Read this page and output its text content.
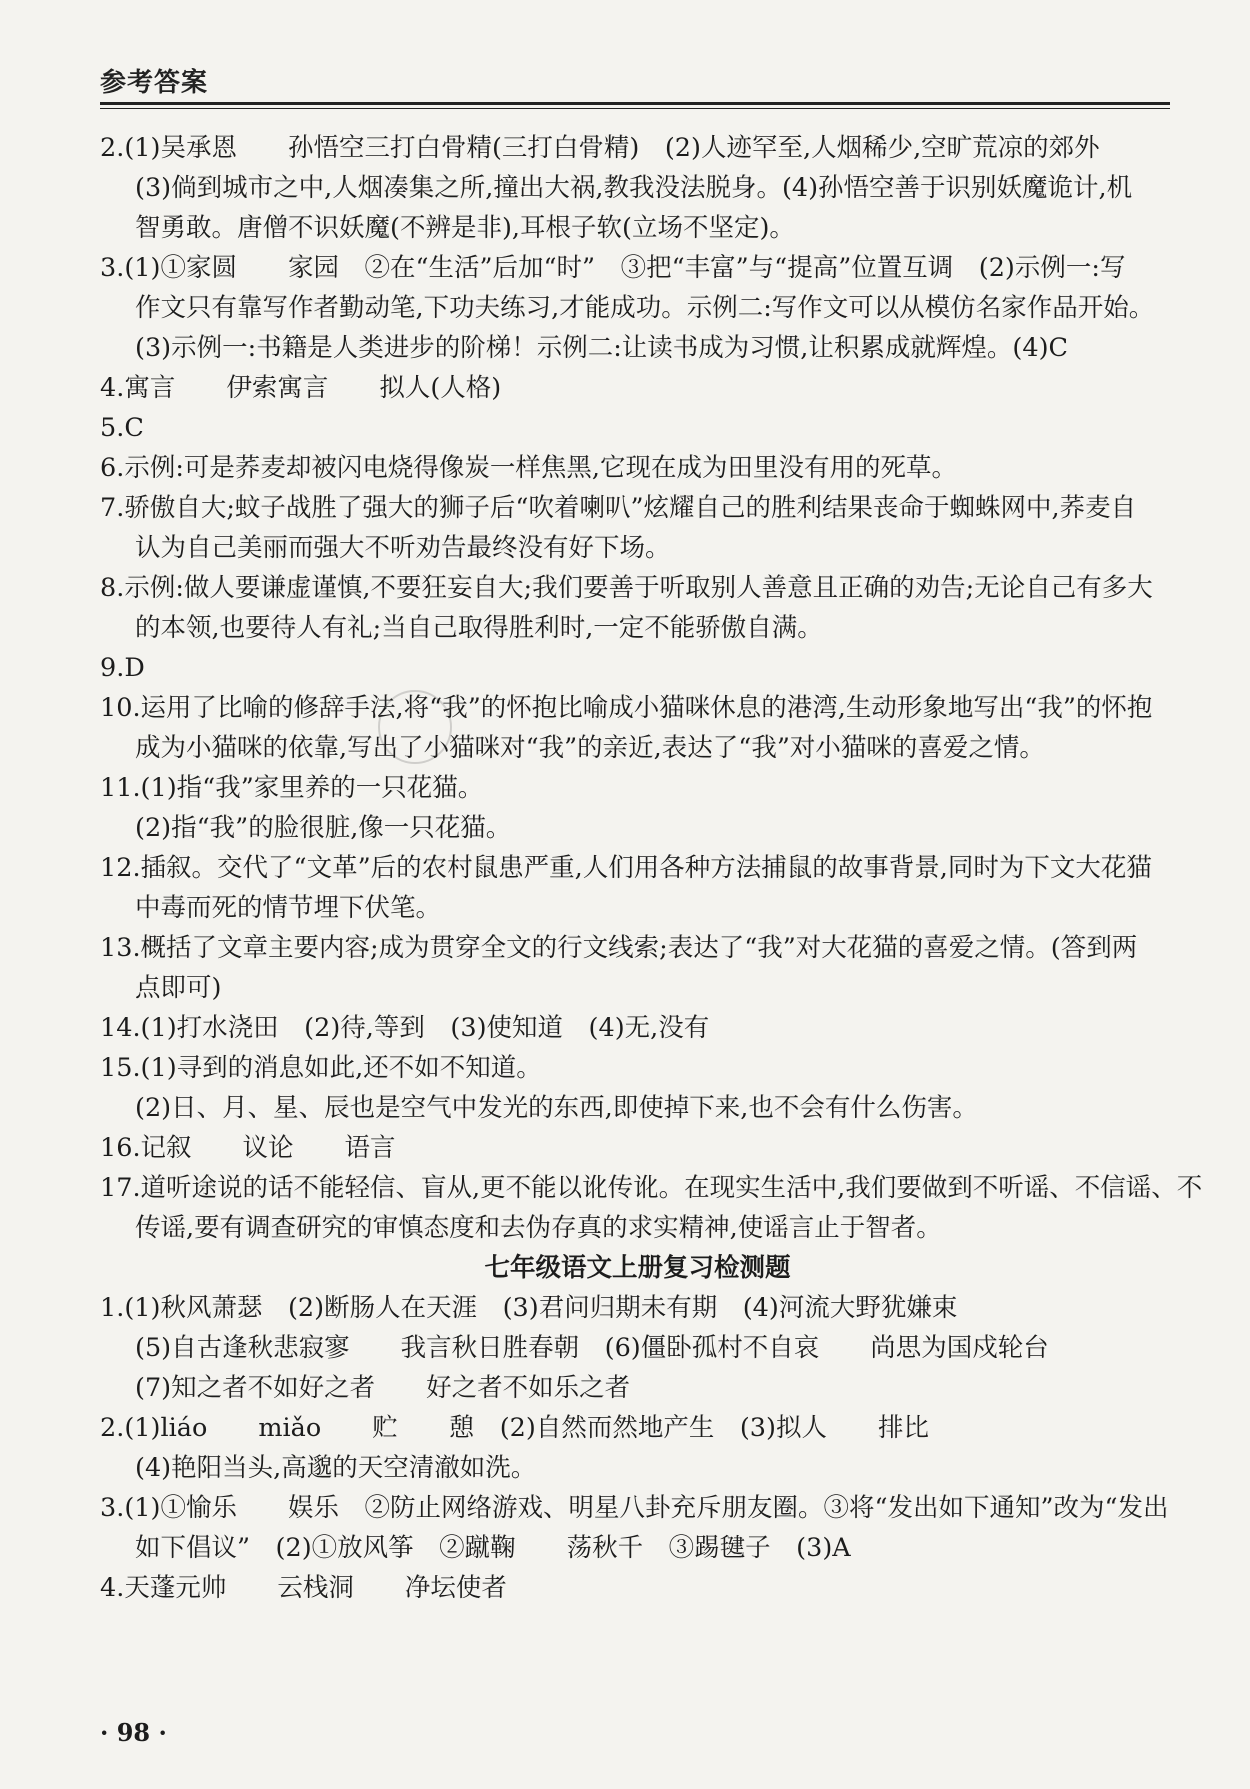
参考答案
2.(1)吴承恩　　孙悟空三打白骨精(三打白骨精)　(2)人迹罕至,人烟稀少,空旷荒凉的郊外
(3)倘到城市之中,人烟凑集之所,撞出大祸,教我没法脱身。(4)孙悟空善于识别妖魔诡计,机
智勇敢。唐僧不识妖魔(不辨是非),耳根子软(立场不坚定)。
3.(1)①家圆　　家园　②在“生活”后加“时”　③把“丰富”与“提高”位置互调　(2)示例一:写
作文只有靠写作者勤动笔,下功夫练习,才能成功。示例二:写作文可以从模仿名家作品开始。
(3)示例一:书籍是人类进步的阶梯！示例二:让读书成为习惯,让积累成就辉煌。(4)C
4.寓言　　伊索寓言　　拟人(人格)
5.C
6.示例:可是荞麦却被闪电烧得像炭一样焦黑,它现在成为田里没有用的死草。
7.骄傲自大;蚊子战胜了强大的狮子后“吹着喇叭”炫耀自己的胜利结果丧命于蜘蛛网中,荞麦自
认为自己美丽而强大不听劝告最终没有好下场。
8.示例:做人要谦虚谨慎,不要狂妄自大;我们要善于听取别人善意且正确的劝告;无论自己有多大
的本领,也要待人有礼;当自己取得胜利时,一定不能骄傲自满。
9.D
10.运用了比喻的修辞手法,将“我”的怀抱比喻成小猫咪休息的港湾,生动形象地写出“我”的怀抱
成为小猫咪的依靠,写出了小猫咪对“我”的亲近,表达了“我”对小猫咪的喜爱之情。
11.(1)指“我”家里养的一只花猫。
(2)指“我”的脸很脏,像一只花猫。
12.插叙。交代了“文革”后的农村鼠患严重,人们用各种方法捕鼠的故事背景,同时为下文大花猫
中毒而死的情节埋下伏笔。
13.概括了文章主要内容;成为贯穿全文的行文线索;表达了“我”对大花猫的喜爱之情。(答到两
点即可)
14.(1)打水浇田　(2)待,等到　(3)使知道　(4)无,没有
15.(1)寻到的消息如此,还不如不知道。
(2)日、月、星、辰也是空气中发光的东西,即使掉下来,也不会有什么伤害。
16.记叙　　议论　　语言
17.道听途说的话不能轻信、盲从,更不能以讹传讹。在现实生活中,我们要做到不听谣、不信谣、不
传谣,要有调查研究的审慎态度和去伪存真的求实精神,使谣言止于智者。
七年级语文上册复习检测题
1.(1)秋风萧瑟　(2)断肠人在天涯　(3)君问归期未有期　(4)河流大野犹嫌束
(5)自古逢秋悲寂寥　　我言秋日胜春朝　(6)僵卧孤村不自哀　　尚思为国戍轮台
(7)知之者不如好之者　　好之者不如乐之者
2.(1)liáo　　miǎo　　贮　　憩　(2)自然而然地产生　(3)拟人　　排比
(4)艳阳当头,高邈的天空清澈如洗。
3.(1)①愉乐　　娱乐　②防止网络游戏、明星八卦充斥朋友圈。③将“发出如下通知”改为“发出
如下倡议”　(2)①放风筝　②蹴鞠　　荡秋千　③踢毽子　(3)A
4.天蓬元帅　　云栈洞　　净坛使者
· 98 ·
